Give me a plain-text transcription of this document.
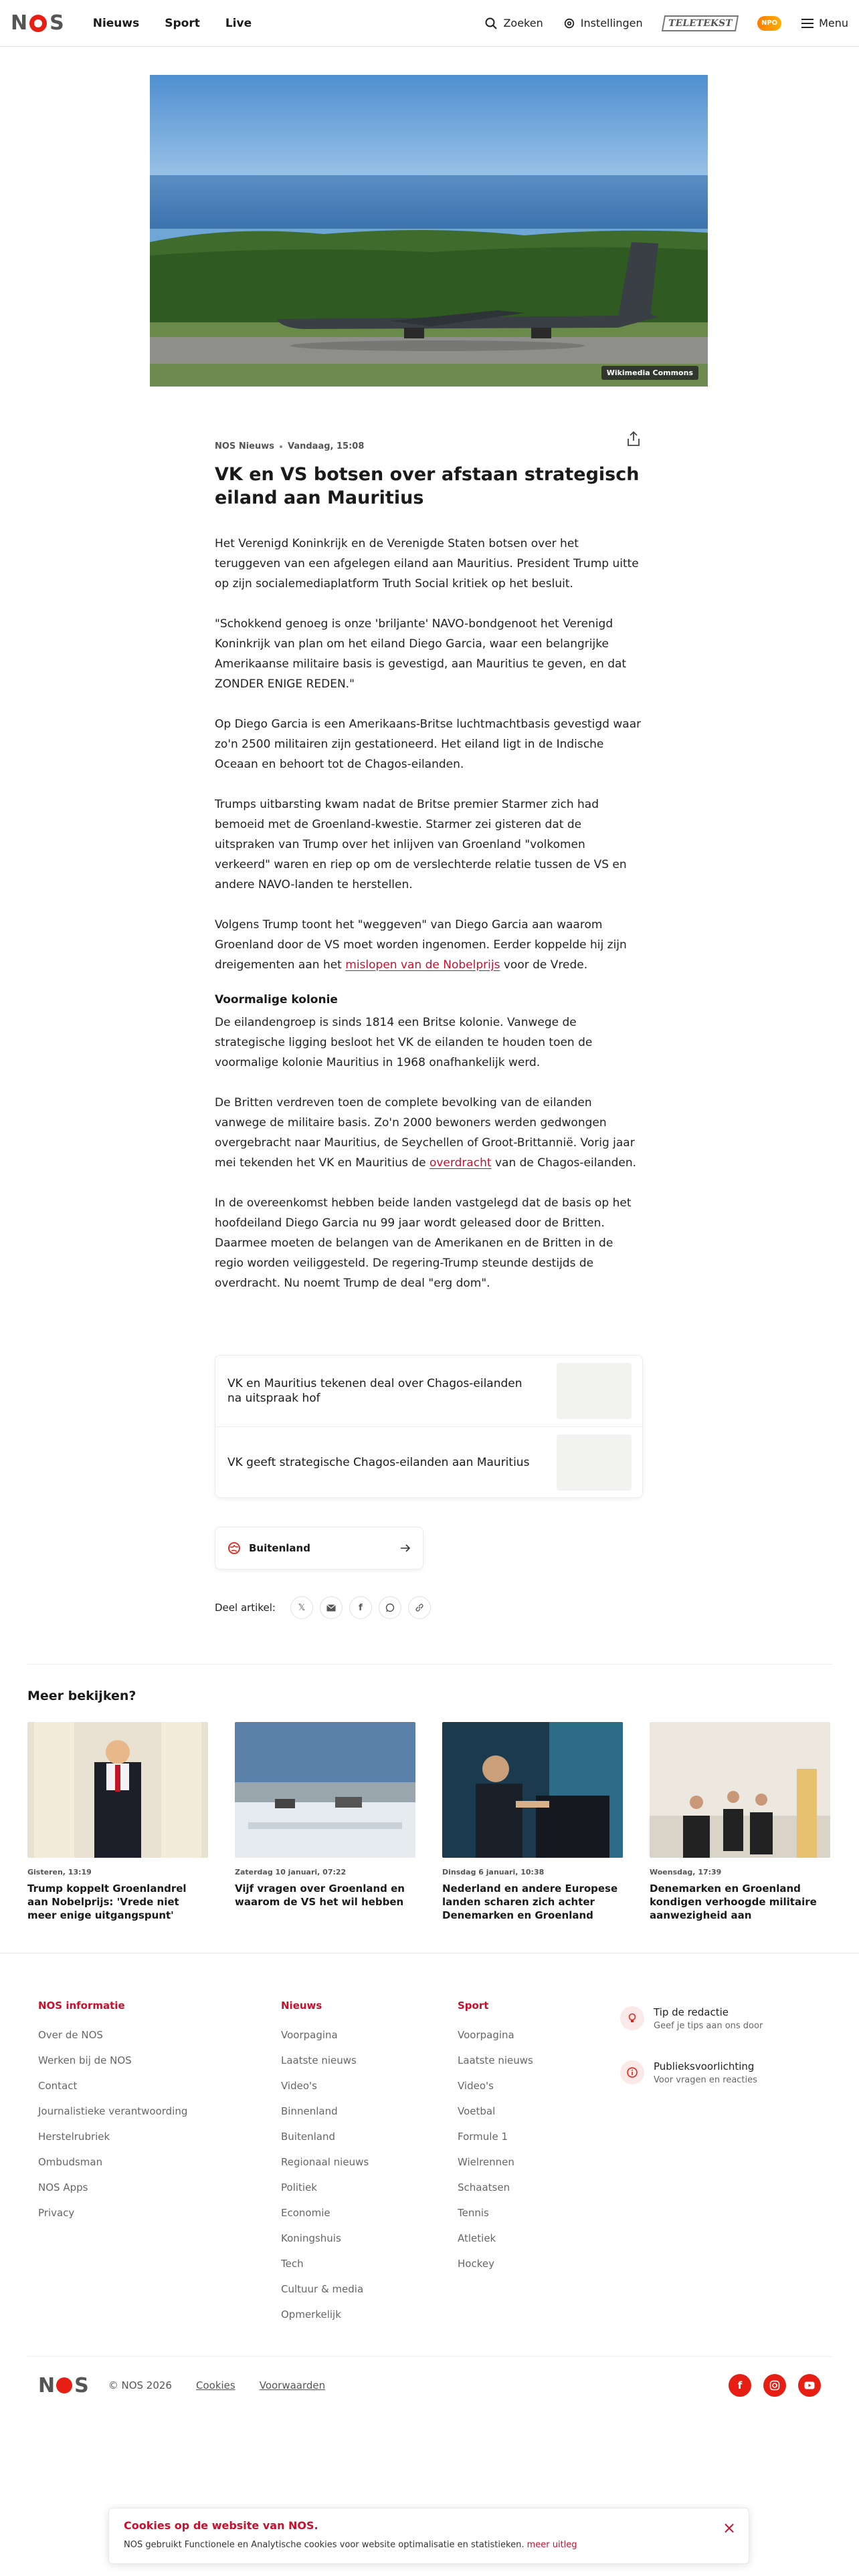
N S	Nieuws Sport Live	Zoeken	Instellingen	TELETEKST	NPO	Menu
Wikimedia Commons
NOS Nieuws Vandaag, 15:08
VK en VS botsen over afstaan strategisch eiland aan Mauritius

Het Verenigd Koninkrijk en de Verenigde Staten botsen over het teruggeven van een afgelegen eiland aan Mauritius. President Trump uitte op zijn socialemediaplatform Truth Social kritiek op het besluit.

"Schokkend genoeg is onze 'briljante' NAVO-bondgenoot het Verenigd Koninkrijk van plan om het eiland Diego Garcia, waar een belangrijke Amerikaanse militaire basis is gevestigd, aan Mauritius te geven, en dat ZONDER ENIGE REDEN."

Op Diego Garcia is een Amerikaans-Britse luchtmachtbasis gevestigd waar zo'n 2500 militairen zijn gestationeerd. Het eiland ligt in de Indische Oceaan en behoort tot de Chagos-eilanden.

Trumps uitbarsting kwam nadat de Britse premier Starmer zich had bemoeid met de Groenland-kwestie. Starmer zei gisteren dat de uitspraken van Trump over het inlijven van Groenland "volkomen verkeerd" waren en riep op om de verslechterde relatie tussen de VS en andere NAVO-landen te herstellen.

Volgens Trump toont het "weggeven" van Diego Garcia aan waarom Groenland door de VS moet worden ingenomen. Eerder koppelde hij zijn dreigementen aan het mislopen van de Nobelprijs voor de Vrede.

Voormalige kolonie

De eilandengroep is sinds 1814 een Britse kolonie. Vanwege de strategische ligging besloot het VK de eilanden te houden toen de voormalige kolonie Mauritius in 1968 onafhankelijk werd.

De Britten verdreven toen de complete bevolking van de eilanden vanwege de militaire basis. Zo'n 2000 bewoners werden gedwongen overgebracht naar Mauritius, de Seychellen of Groot-Brittannië. Vorig jaar mei tekenden het VK en Mauritius de overdracht van de Chagos-eilanden.

In de overeenkomst hebben beide landen vastgelegd dat de basis op het hoofdeiland Diego Garcia nu 99 jaar wordt geleased door de Britten. Daarmee moeten de belangen van de Amerikanen en de Britten in de regio worden veiliggesteld. De regering-Trump steunde destijds de overdracht. Nu noemt Trump de deal "erg dom".

VK en Mauritius tekenen deal over Chagos-eilanden na uitspraak hof
VK geeft strategische Chagos-eilanden aan Mauritius
Buitenland
Deel artikel:	𝕏	f
Meer bekijken?
Gisteren, 13:19
Trump koppelt Groenlandrel aan Nobelprijs: 'Vrede niet meer enige uitgangspunt'
Zaterdag 10 januari, 07:22
Vijf vragen over Groenland en waarom de VS het wil hebben
Dinsdag 6 januari, 10:38
Nederland en andere Europese landen scharen zich achter Denemarken en Groenland
Woensdag, 17:39
Denemarken en Groenland kondigen verhoogde militaire aanwezigheid aan
NOS informatie
Over de NOS
Werken bij de NOS
Contact
Journalistieke verantwoording
Herstelrubriek
Ombudsman
NOS Apps
Privacy
Nieuws
Voorpagina
Laatste nieuws
Video's
Binnenland
Buitenland
Regionaal nieuws
Politiek
Economie
Koningshuis
Tech
Cultuur & media
Opmerkelijk
Sport
Voorpagina
Laatste nieuws
Video's
Voetbal
Formule 1
Wielrennen
Schaatsen
Tennis
Atletiek
Hockey
Tip de redactie
Geef je tips aan ons door
Publieksvoorlichting
Voor vragen en reacties
N S © NOS 2026 Cookies Voorwaarden	f
Cookies op de website van NOS.
NOS gebruikt Functionele en Analytische cookies voor website optimalisatie en statistieken. meer uitleg
×
